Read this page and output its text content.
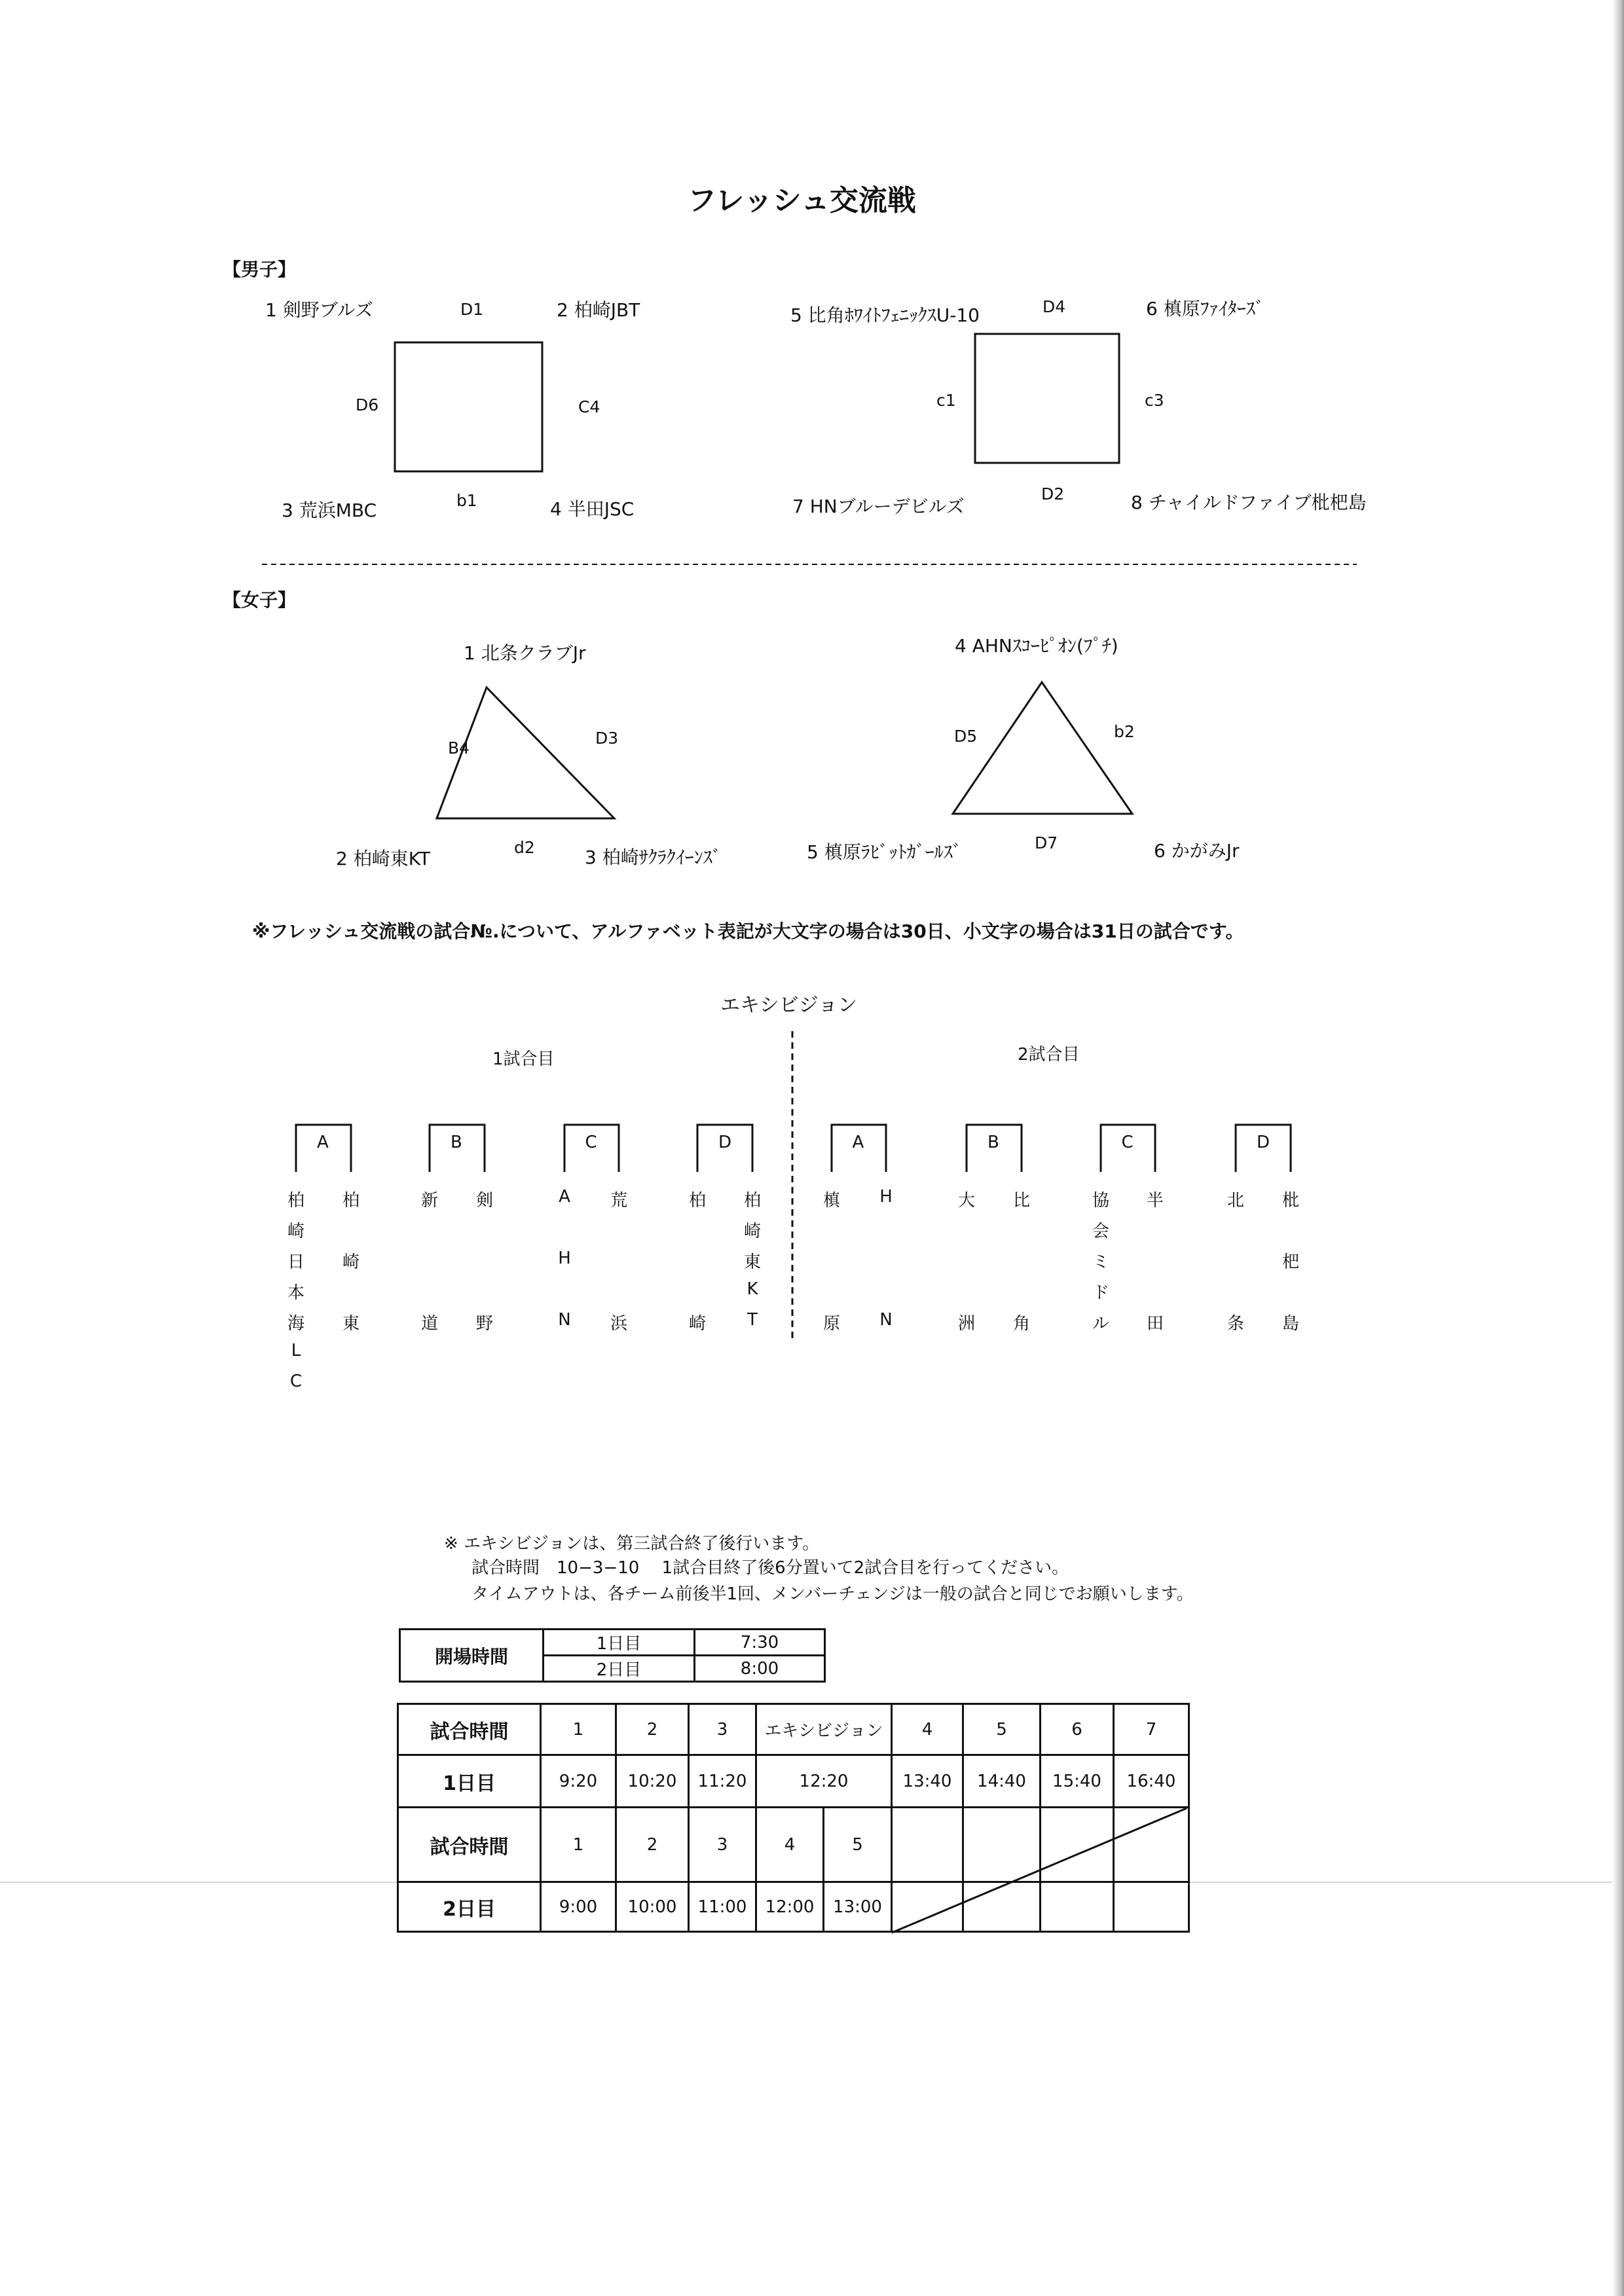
フレッシュ交流戦
【男子】
1 剣野ブルズ	2 柏崎JBT
3 荒浜MBC	4 半田JSC
D1
D6	C4
b1
5 比角ﾎﾜｲﾄﾌｪﾆｯｸｽU-10	6 槙原ﾌｧｲﾀｰｽﾞ
7 HNブルーデビルズ	8 チャイルドファイブ枇杷島
D4
c1	c3
D2
【女子】
1 北条クラブJr
2 柏崎東KT	3 柏崎ｻｸﾗｸｲｰﾝｽﾞ
B4
D3
d2
4 AHNｽｺｰﾋﾟｵﾝ(ﾌﾟﾁ)
5 槙原ﾗﾋﾞｯﾄｶﾞｰﾙｽﾞ	6 かがみJr
D5	b2
D7
※フレッシュ交流戦の試合№.について、アルファベット表記が大文字の場合は30日、小文字の場合は31日の試合です。
エキシビジョン
1試合目	2試合目
A
柏
崎
日
本
海
L
C
柏
崎
東
B
新
道
剣
野
C
A
H
N
荒
浜
D
柏
崎
柏
崎
東
K
T
A
槙
原
H
N
B
大
洲
比
角
C
協
会
ミ
ド
ル
半
田
D
北
条
枇
杷
島
※ エキシビジョンは、第三試合終了後行います。
試合時間　10−3−10　 1試合目終了後6分置いて2試合目を行ってください。
タイムアウトは、各チーム前後半1回、メンバーチェンジは一般の試合と同じでお願いします。
開場時間	1日目	7:30
	2日目	8:00
試合時間	1	2	3	エキシビジョン		4	5	6	7
1日目	9:20	10:20	11:20	12:20		13:40	14:40	15:40	16:40
試合時間	1	2	3	4	5				
2日目	9:00	10:00	11:00	12:00	13:00				
